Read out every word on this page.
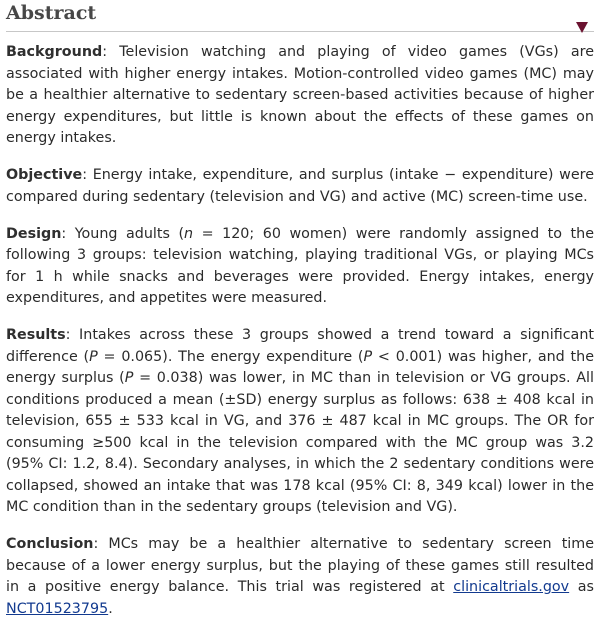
Abstract

Background: Television watching and playing of video games (VGs) are associated with higher energy intakes. Motion-controlled video games (MC) may be a healthier alternative to sedentary screen-based activities because of higher energy expenditures, but little is known about the effects of these games on energy intakes.

Objective: Energy intake, expenditure, and surplus (intake − expenditure) were compared during sedentary (television and VG) and active (MC) screen-time use.

Design: Young adults (n = 120; 60 women) were randomly assigned to the following 3 groups: television watching, playing traditional VGs, or playing MCs for 1 h while snacks and beverages were provided. Energy intakes, energy expenditures, and appetites were measured.

Results: Intakes across these 3 groups showed a trend toward a significant difference (P = 0.065). The energy expenditure (P < 0.001) was higher, and the energy surplus (P = 0.038) was lower, in MC than in television or VG groups. All conditions produced a mean (±SD) energy surplus as follows: 638 ± 408 kcal in television, 655 ± 533 kcal in VG, and 376 ± 487 kcal in MC groups. The OR for consuming ≥500 kcal in the television compared with the MC group was 3.2 (95% CI: 1.2, 8.4). Secondary analyses, in which the 2 sedentary conditions were collapsed, showed an intake that was 178 kcal (95% CI: 8, 349 kcal) lower in the MC condition than in the sedentary groups (television and VG).

Conclusion: MCs may be a healthier alternative to sedentary screen time because of a lower energy surplus, but the playing of these games still resulted in a positive energy balance. This trial was registered at clinicaltrials.gov as NCT01523795.
